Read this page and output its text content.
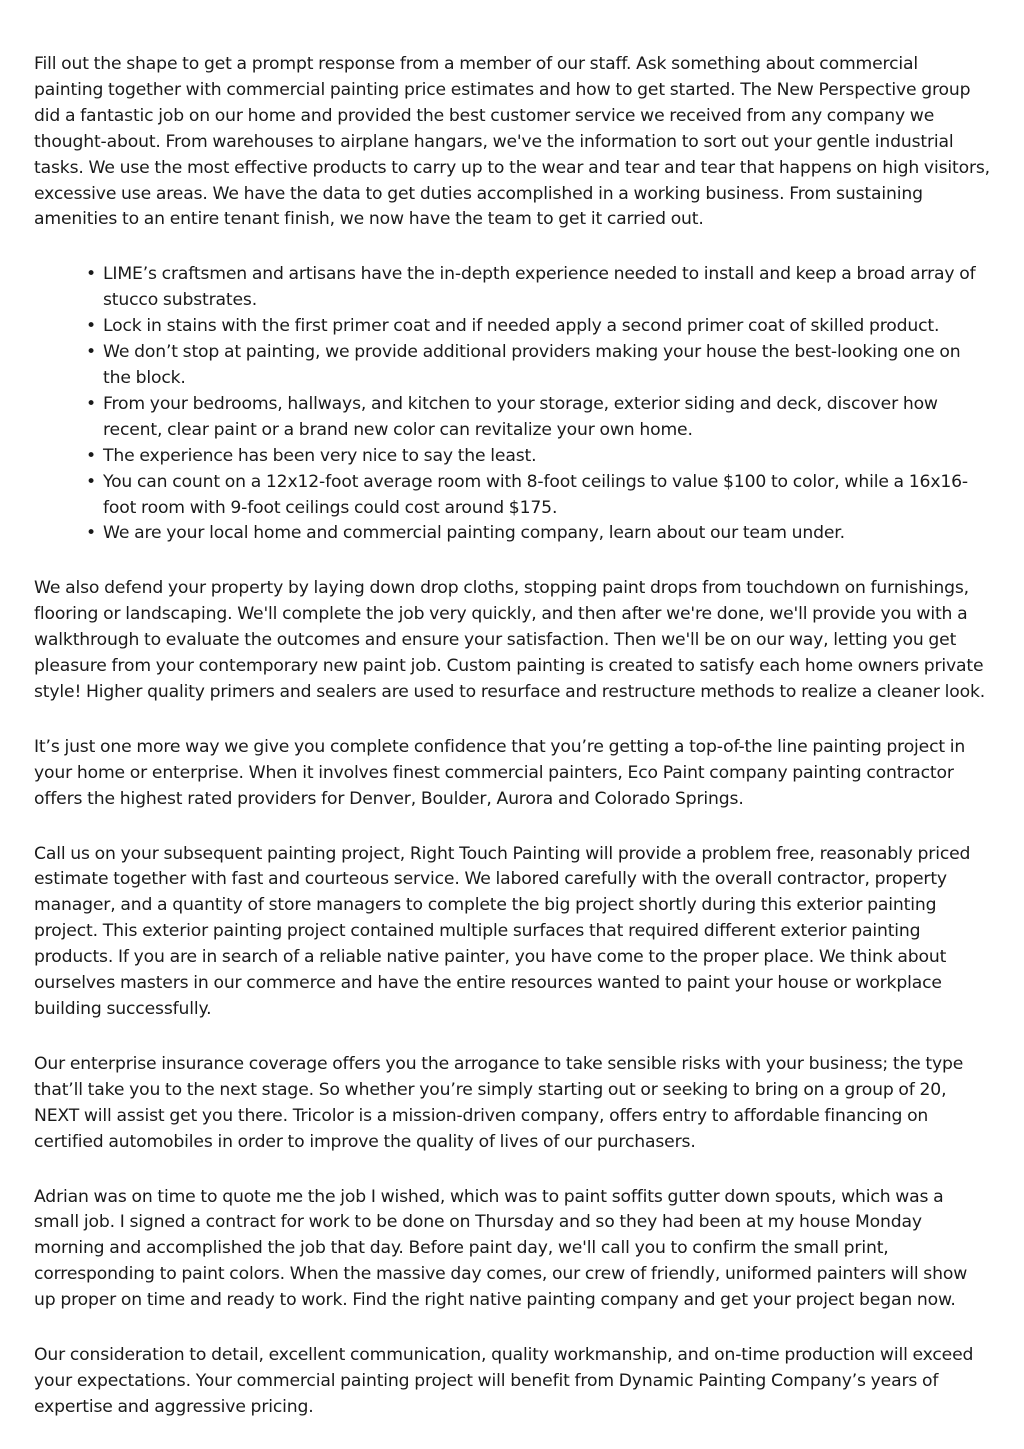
Fill out the shape to get a prompt response from a member of our staff. Ask something about commercial painting together with commercial painting price estimates and how to get started. The New Perspective group did a fantastic job on our home and provided the best customer service we received from any company we thought-about. From warehouses to airplane hangars, we've the information to sort out your gentle industrial tasks. We use the most effective products to carry up to the wear and tear and tear that happens on high visitors, excessive use areas. We have the data to get duties accomplished in a working business. From sustaining amenities to an entire tenant finish, we now have the team to get it carried out.

• LIME’s craftsmen and artisans have the in-depth experience needed to install and keep a broad array of stucco substrates.
• Lock in stains with the first primer coat and if needed apply a second primer coat of skilled product.
• We don’t stop at painting, we provide additional providers making your house the best-looking one on the block.
• From your bedrooms, hallways, and kitchen to your storage, exterior siding and deck, discover how recent, clear paint or a brand new color can revitalize your own home.
• The experience has been very nice to say the least.
• You can count on a 12x12-foot average room with 8-foot ceilings to value $100 to color, while a 16x16-foot room with 9-foot ceilings could cost around $175.
• We are your local home and commercial painting company, learn about our team under.

We also defend your property by laying down drop cloths, stopping paint drops from touchdown on furnishings, flooring or landscaping. We'll complete the job very quickly, and then after we're done, we'll provide you with a walkthrough to evaluate the outcomes and ensure your satisfaction. Then we'll be on our way, letting you get pleasure from your contemporary new paint job. Custom painting is created to satisfy each home owners private style! Higher quality primers and sealers are used to resurface and restructure methods to realize a cleaner look.

It’s just one more way we give you complete confidence that you’re getting a top-of-the line painting project in your home or enterprise. When it involves finest commercial painters, Eco Paint company painting contractor offers the highest rated providers for Denver, Boulder, Aurora and Colorado Springs.

Call us on your subsequent painting project, Right Touch Painting will provide a problem free, reasonably priced estimate together with fast and courteous service. We labored carefully with the overall contractor, property manager, and a quantity of store managers to complete the big project shortly during this exterior painting project. This exterior painting project contained multiple surfaces that required different exterior painting products. If you are in search of a reliable native painter, you have come to the proper place. We think about ourselves masters in our commerce and have the entire resources wanted to paint your house or workplace building successfully.

Our enterprise insurance coverage offers you the arrogance to take sensible risks with your business; the type that’ll take you to the next stage. So whether you’re simply starting out or seeking to bring on a group of 20, NEXT will assist get you there. Tricolor is a mission-driven company, offers entry to affordable financing on certified automobiles in order to improve the quality of lives of our purchasers.

Adrian was on time to quote me the job I wished, which was to paint soffits gutter down spouts, which was a small job. I signed a contract for work to be done on Thursday and so they had been at my house Monday morning and accomplished the job that day. Before paint day, we'll call you to confirm the small print, corresponding to paint colors. When the massive day comes, our crew of friendly, uniformed painters will show up proper on time and ready to work. Find the right native painting company and get your project began now.

Our consideration to detail, excellent communication, quality workmanship, and on-time production will exceed your expectations. Your commercial painting project will benefit from Dynamic Painting Company’s years of expertise and aggressive pricing.
